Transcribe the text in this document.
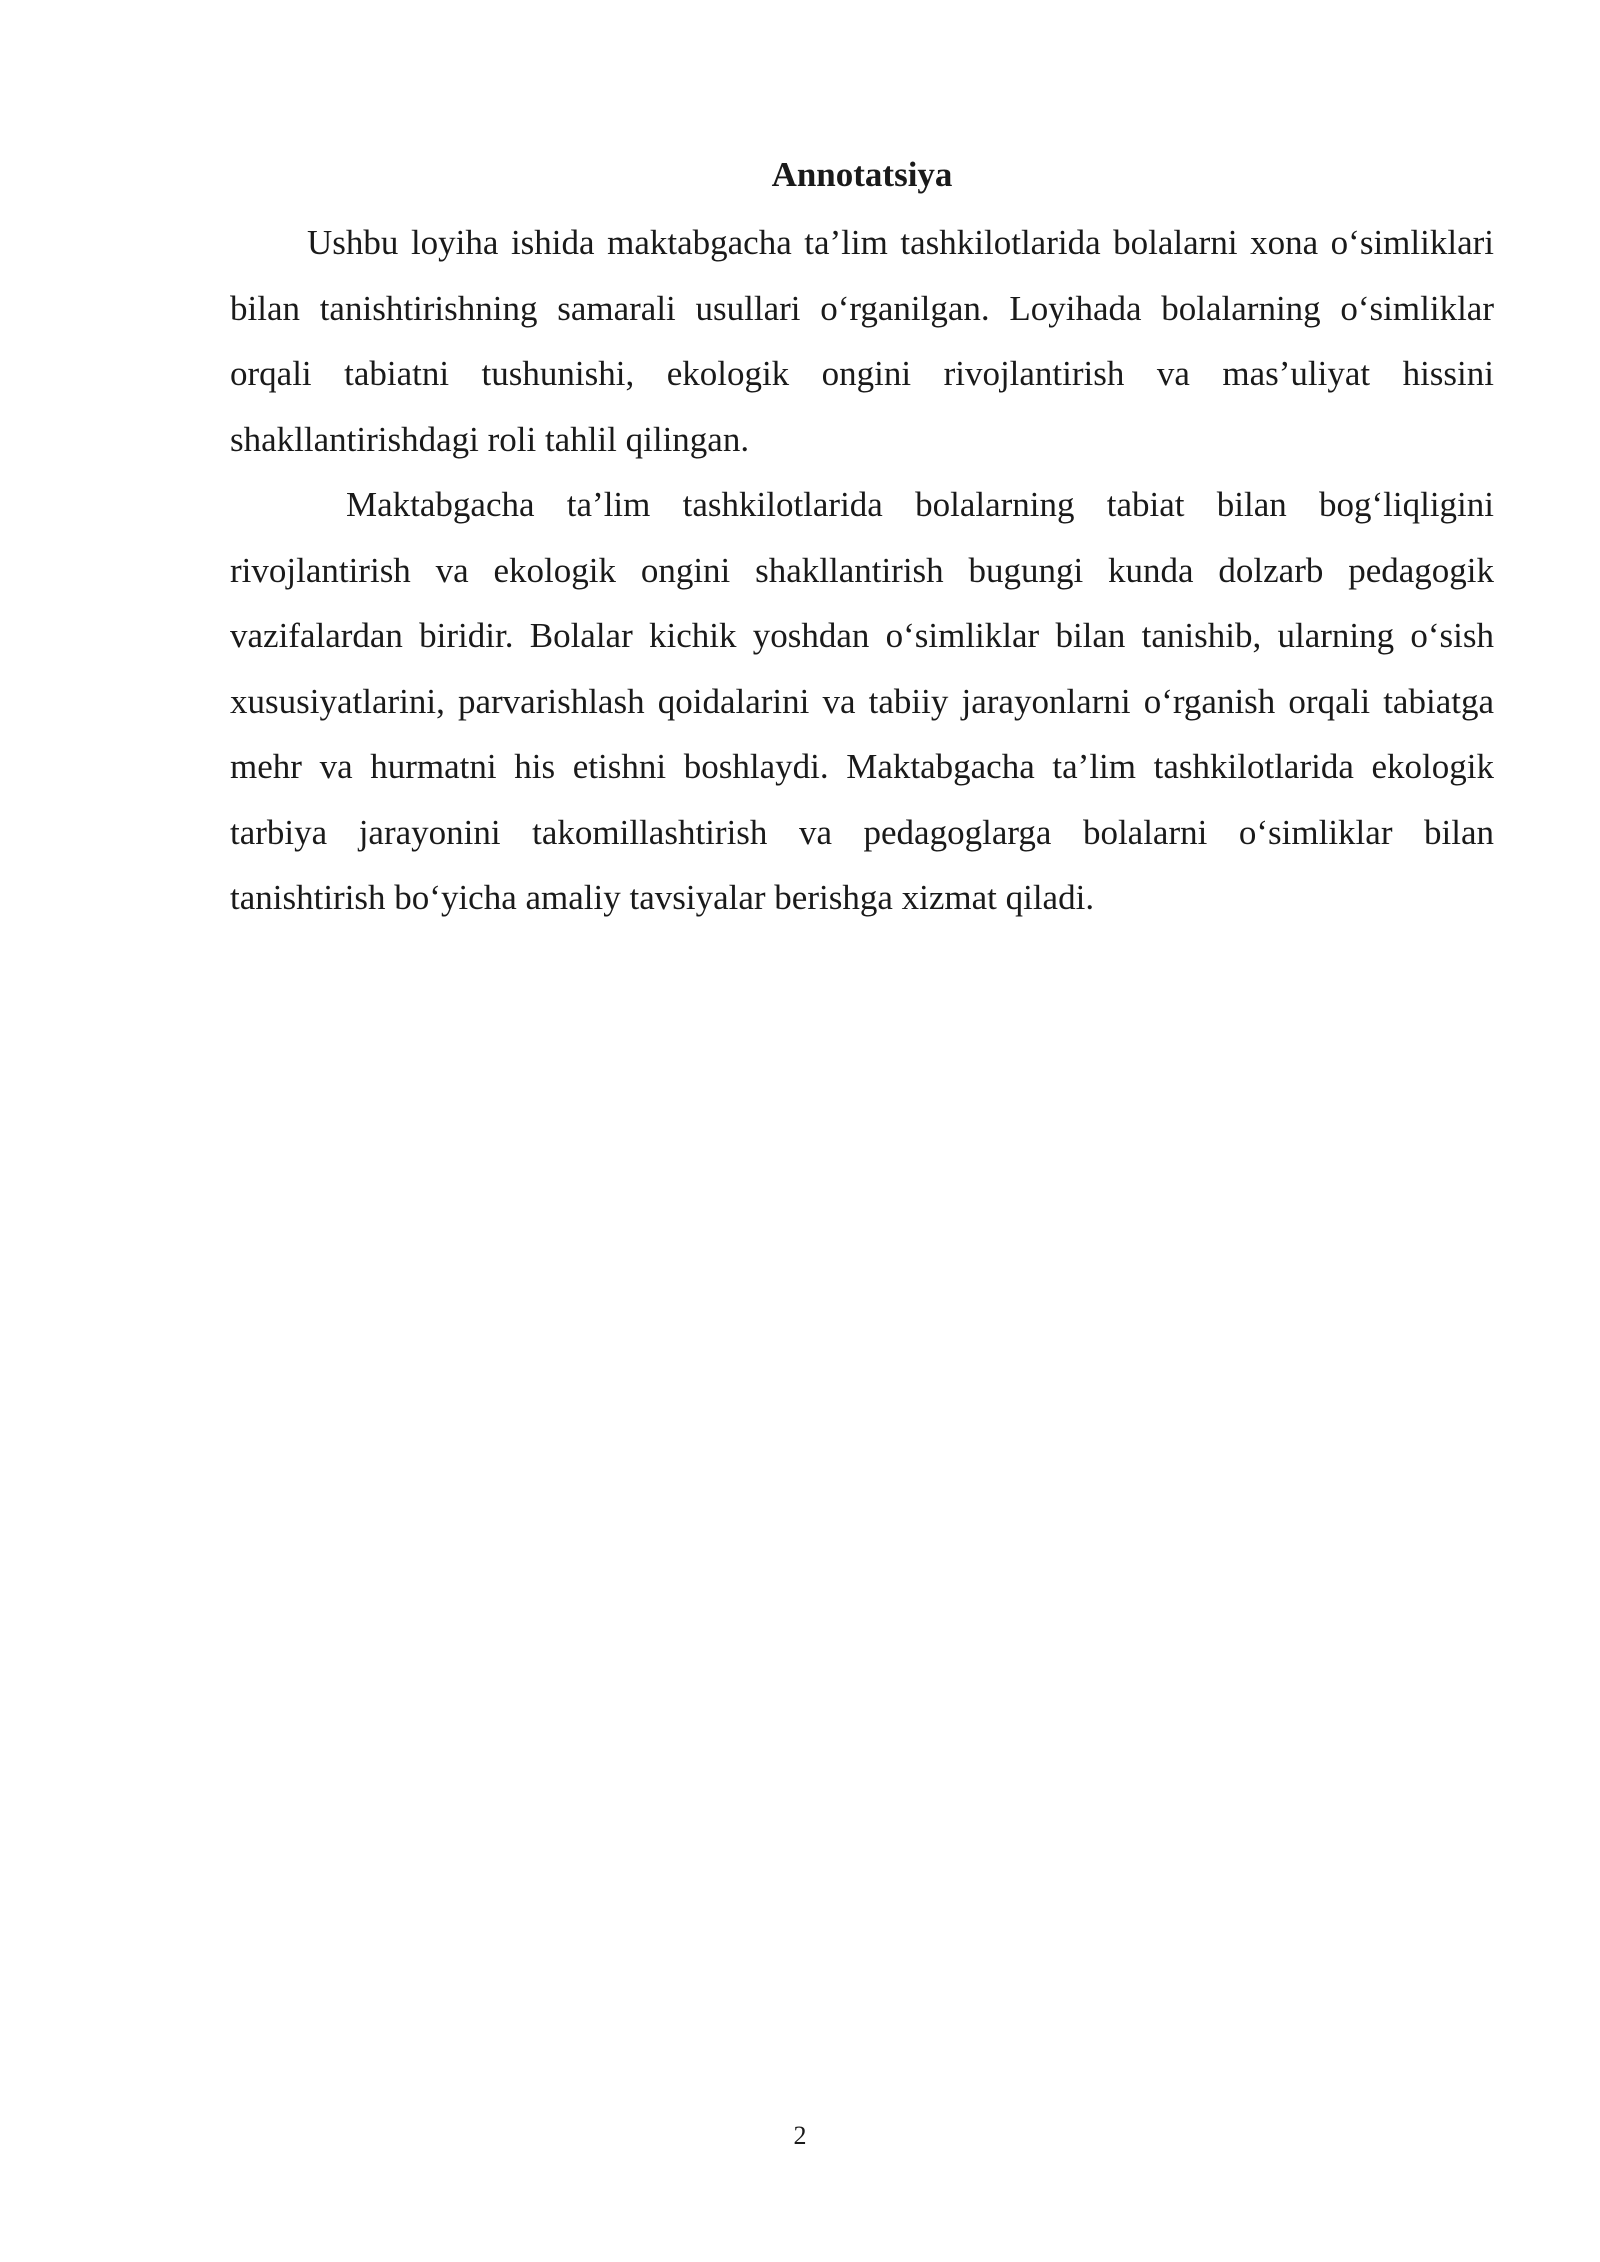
Annotatsiya

Ushbu loyiha ishida maktabgacha ta’lim tashkilotlarida bolalarni xona o‘simliklari bilan tanishtirishning samarali usullari o‘rganilgan. Loyihada bolalarning o‘simliklar orqali tabiatni tushunishi, ekologik ongini rivojlantirish va mas’uliyat hissini shakllantirishdagi roli tahlil qilingan.

Maktabgacha ta’lim tashkilotlarida bolalarning tabiat bilan bog‘liqligini rivojlantirish va ekologik ongini shakllantirish bugungi kunda dolzarb pedagogik vazifalardan biridir. Bolalar kichik yoshdan o‘simliklar bilan tanishib, ularning o‘sish xususiyatlarini, parvarishlash qoidalarini va tabiiy jarayonlarni o‘rganish orqali tabiatga mehr va hurmatni his etishni boshlaydi. Maktabgacha ta’lim tashkilotlarida ekologik tarbiya jarayonini takomillashtirish va pedagoglarga bolalarni o‘simliklar bilan tanishtirish bo‘yicha amaliy tavsiyalar berishga xizmat qiladi.

2
